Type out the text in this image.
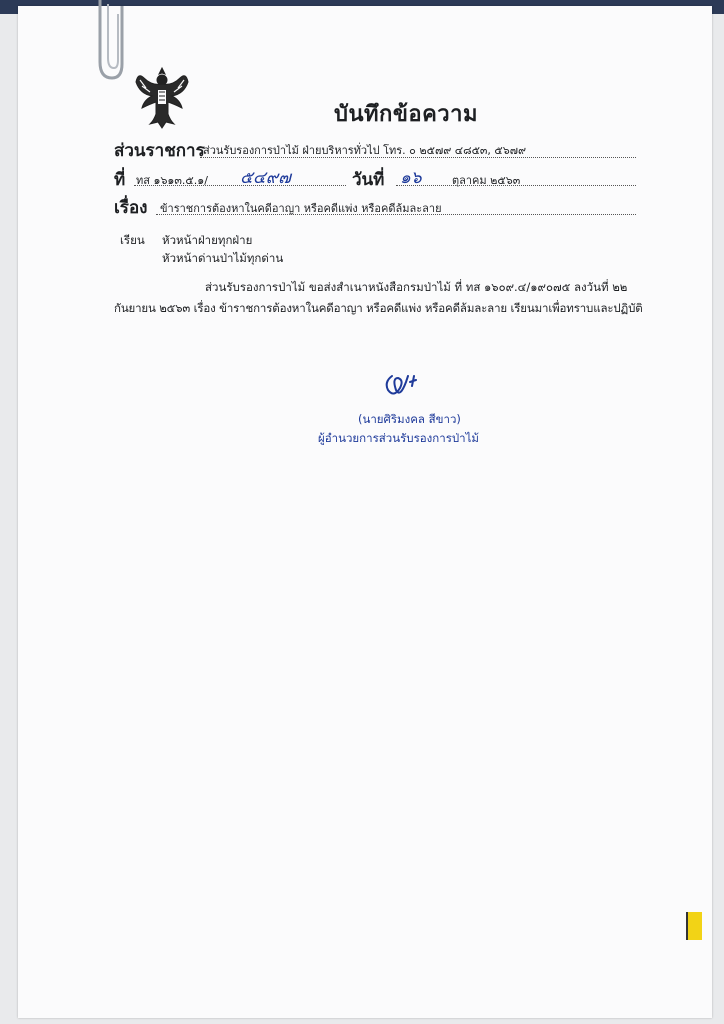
บันทึกข้อความ
ส่วนราชการ
ส่วนรับรองการป่าไม้ ฝ่ายบริหารทั่วไป โทร. ๐ ๒๕๗๙ ๔๘๕๓, ๕๖๗๙
ที่ ทส ๑๖๑๓.๕.๑/ ๕๔๙๗	วันที่ ๑๖	ตุลาคม ๒๕๖๓
เรื่อง ข้าราชการต้องหาในคดีอาญา หรือคดีแพ่ง หรือคดีล้มละลาย
เรียน หัวหน้าฝ่ายทุกฝ่าย
หัวหน้าด่านป่าไม้ทุกด่าน
ส่วนรับรองการป่าไม้ ขอส่งสำเนาหนังสือกรมป่าไม้ ที่ ทส ๑๖๐๙.๔/๑๙๐๗๕ ลงวันที่ ๒๒
กันยายน ๒๕๖๓ เรื่อง ข้าราชการต้องหาในคดีอาญา หรือคดีแพ่ง หรือคดีล้มละลาย เรียนมาเพื่อทราบและปฏิบัติ
(นายศิริมงคล สีขาว)
ผู้อำนวยการส่วนรับรองการป่าไม้
